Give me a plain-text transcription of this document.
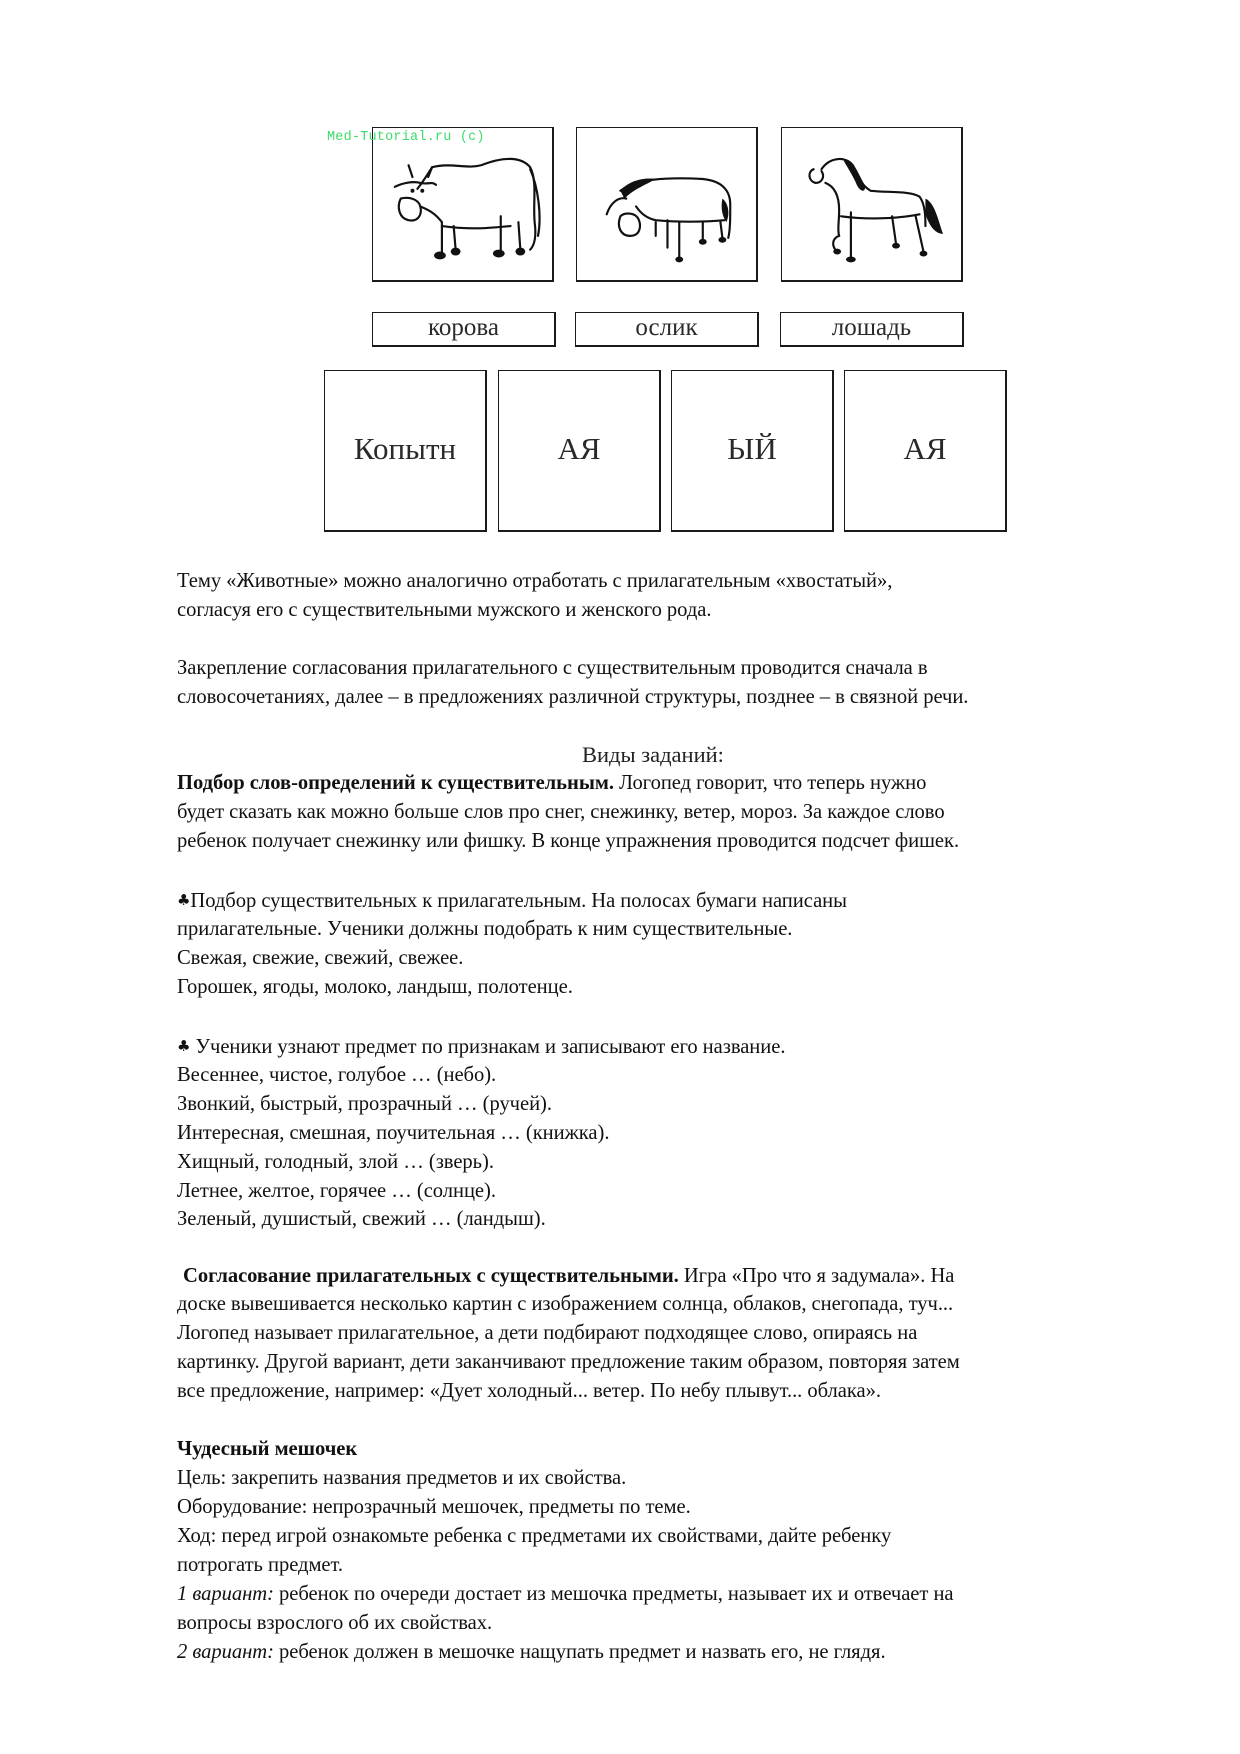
Med-Tutorial.ru (c)
корова	ослик	лошадь
Копытн	АЯ	ЫЙ	АЯ
Тему «Животные» можно аналогично отработать с прилагательным «хвостатый»,
согласуя его с существительными мужского и женского рода.
Закрепление согласования прилагательного с существительным проводится сначала в
словосочетаниях, далее – в предложениях различной структуры, позднее – в связной речи.
Виды заданий:
Подбор слов-определений к существительным. Логопед говорит, что теперь нужно
будет сказать как можно больше слов про снег, снежинку, ветер, мороз. За каждое слово
ребенок получает снежинку или фишку. В конце упражнения проводится подсчет фишек.
♣Подбор существительных к прилагательным. На полосах бумаги написаны
прилагательные. Ученики должны подобрать к ним существительные.
Свежая, свежие, свежий, свежее.
Горошек, ягоды, молоко, ландыш, полотенце.
♣ Ученики узнают предмет по признакам и записывают его название.
Весеннее, чистое, голубое … (небо).
Звонкий, быстрый, прозрачный … (ручей).
Интересная, смешная, поучительная … (книжка).
Хищный, голодный, злой … (зверь).
Летнее, желтое, горячее … (солнце).
Зеленый, душистый, свежий … (ландыш).
Согласование прилагательных с существительными. Игра «Про что я задумала». На
доске вывешивается несколько картин с изображением солнца, облаков, снегопада, туч...
Логопед называет прилагательное, а дети подбирают подходящее слово, опираясь на
картинку. Другой вариант, дети заканчивают предложение таким образом, повторяя затем
все предложение, например: «Дует холодный... ветер. По небу плывут... облака».
Чудесный мешочек
Цель: закрепить названия предметов и их свойства.
Оборудование: непрозрачный мешочек, предметы по теме.
Ход: перед игрой ознакомьте ребенка с предметами их свойствами, дайте ребенку
потрогать предмет.
1 вариант: ребенок по очереди достает из мешочка предметы, называет их и отвечает на
вопросы взрослого об их свойствах.
2 вариант: ребенок должен в мешочке нащупать предмет и назвать его, не глядя.
